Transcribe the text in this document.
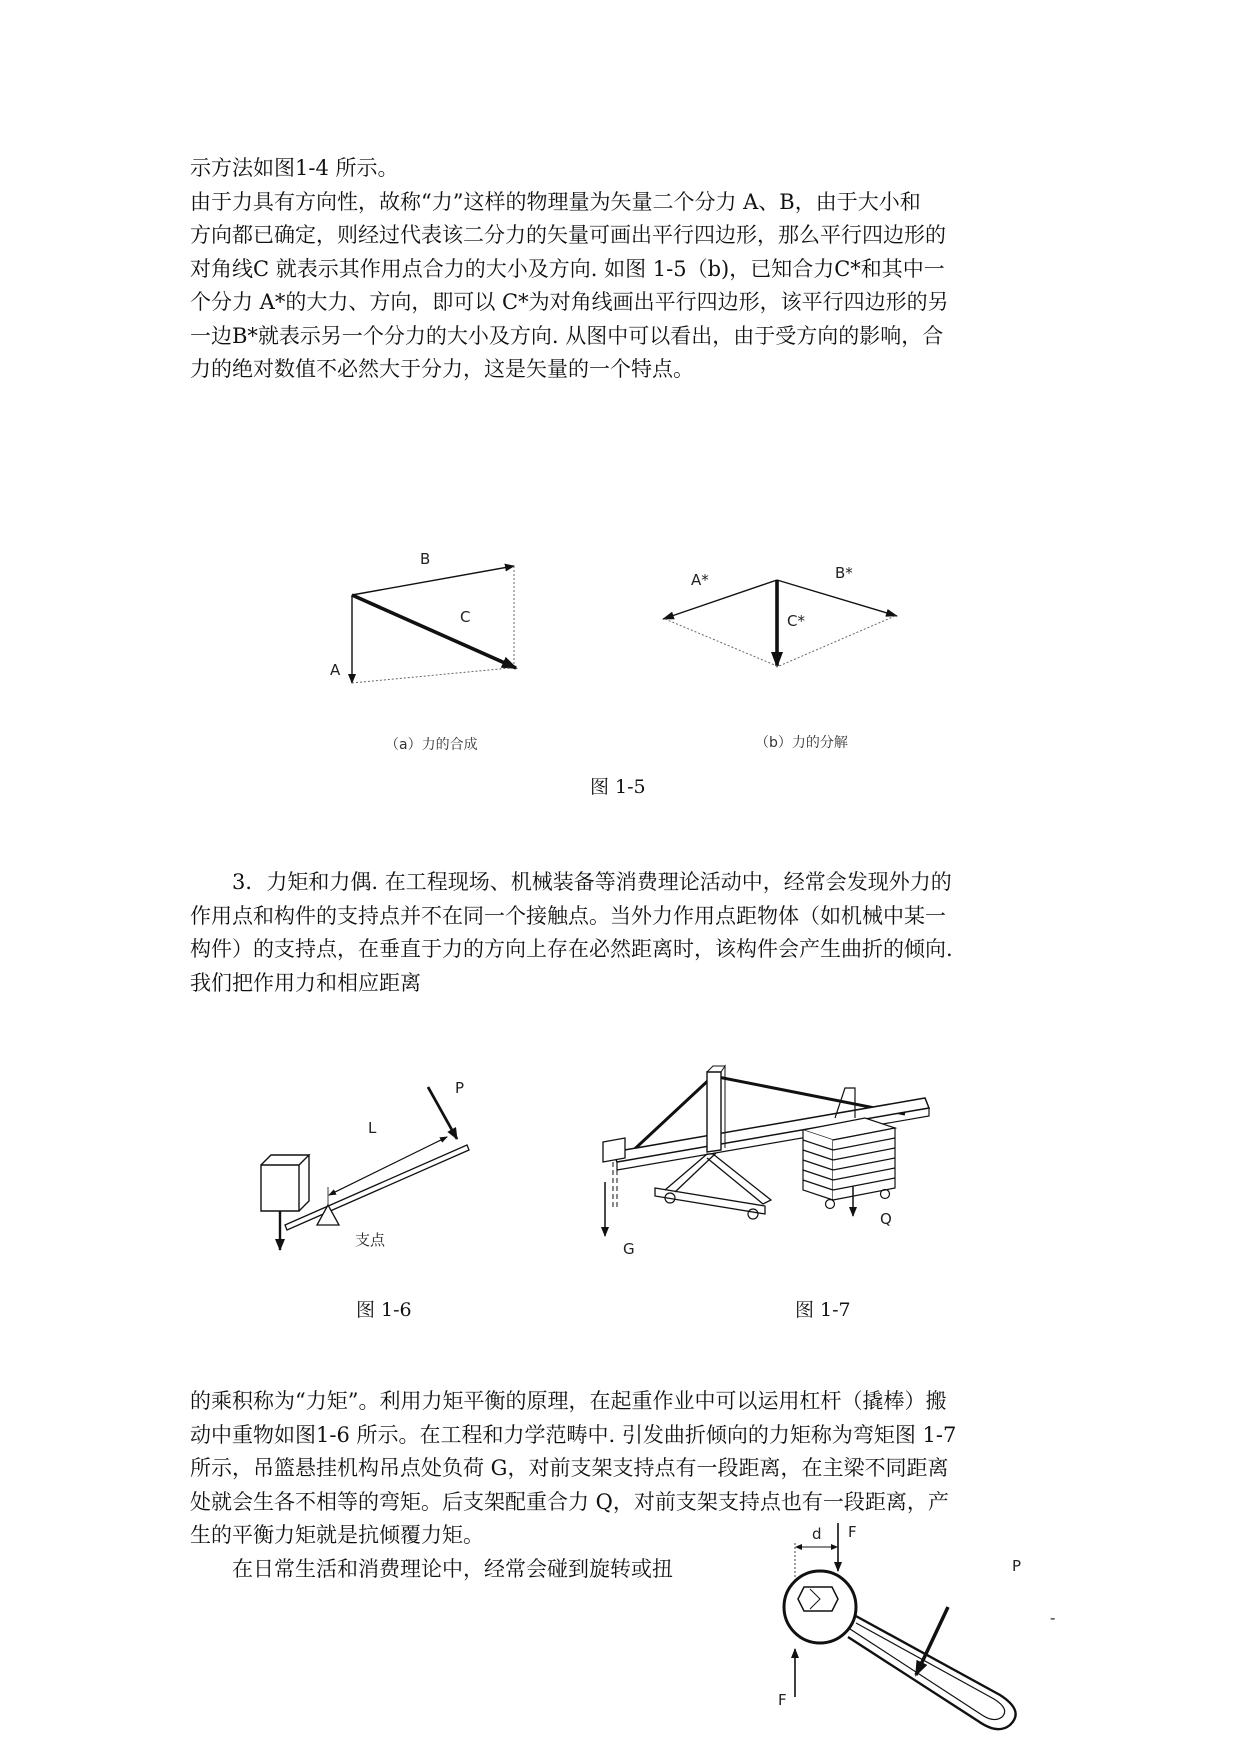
示方法如图1-4 所示。

由于力具有方向性，故称“力”这样的物理量为矢量二个分力 A、B，由于大小和

方向都已确定，则经过代表该二分力的矢量可画出平行四边形，那么平行四边形的

对角线C 就表示其作用点合力的大小及方向. 如图 1-5（b)，已知合力C*和其中一

个分力 A*的大力、方向，即可以 C*为对角线画出平行四边形，该平行四边形的另

一边B*就表示另一个分力的大小及方向. 从图中可以看出，由于受方向的影响，合

力的绝对数值不必然大于分力，这是矢量的一个特点。

B
C
A
（a）力的合成
A*	B*
C*
（b）力的分解
图 1-5

　　3．力矩和力偶. 在工程现场、机械装备等消费理论活动中，经常会发现外力的

作用点和构件的支持点并不在同一个接触点。当外力作用点距物体（如机械中某一

构件）的支持点，在垂直于力的方向上存在必然距离时，该构件会产生曲折的倾向.

我们把作用力和相应距离

P
L
支点
图 1-6
G
Q
图 1-7

的乘积称为“力矩”。利用力矩平衡的原理，在起重作业中可以运用杠杆（撬棒）搬

动中重物如图1-6 所示。在工程和力学范畴中. 引发曲折倾向的力矩称为弯矩图 1-7

所示，吊篮悬挂机构吊点处负荷 G，对前支架支持点有一段距离，在主梁不同距离

处就会生各不相等的弯矩。后支架配重合力 Q，对前支架支持点也有一段距离，产

生的平衡力矩就是抗倾覆力矩。

　　在日常生活和消费理论中，经常会碰到旋转或扭

d F
F
P
-
